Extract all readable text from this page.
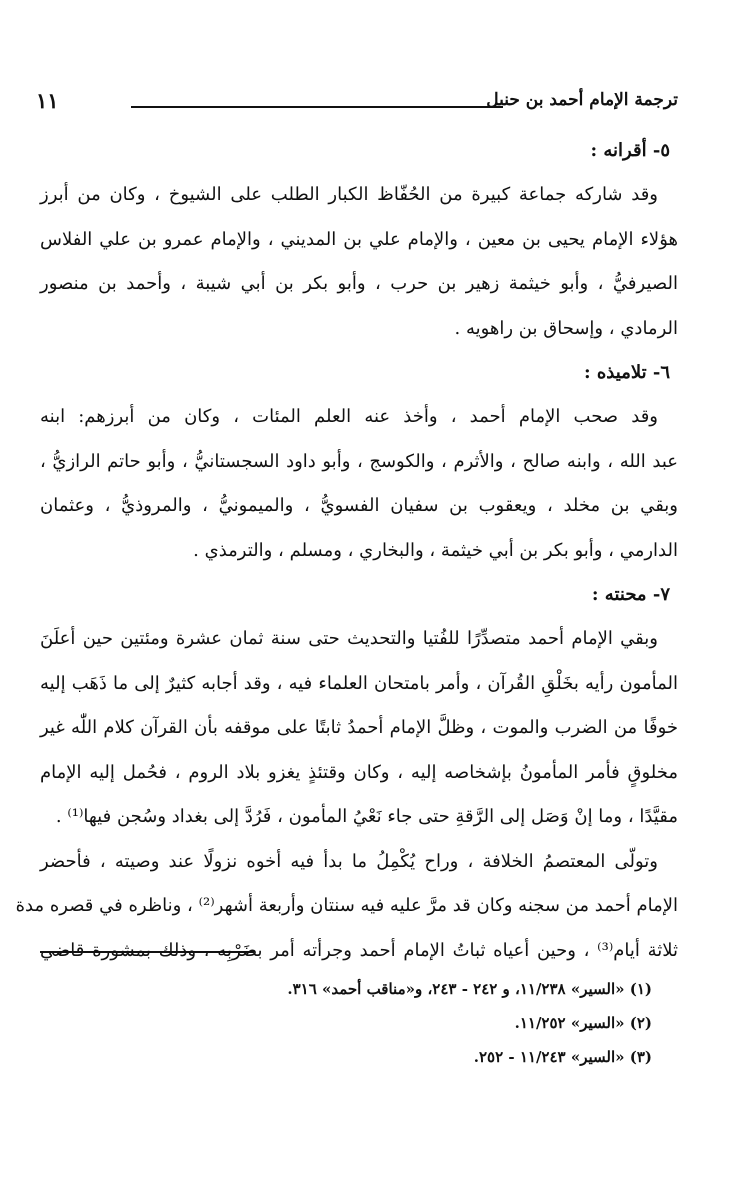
١١	ترجمة الإمام أحمد بن حنبل
٥- أقرانه :
وقد شاركه جماعة كبيرة من الحُفّاظ الكبار الطلب على الشيوخ ، وكان من أبرز
هؤلاء الإمام يحيى بن معين ، والإمام علي بن المديني ، والإمام عمرو بن علي الفلاس
الصيرفيُّ ، وأبو خيثمة زهير بن حرب ، وأبو بكر بن أبي شيبة ، وأحمد بن منصور
الرمادي ، وإسحاق بن راهويه .
٦- تلاميذه :
وقد صحب الإمام أحمد ، وأخذ عنه العلم المئات ، وكان من أبرزهم: ابنه
عبد الله ، وابنه صالح ، والأثرم ، والكوسج ، وأبو داود السجستانيُّ ، وأبو حاتم الرازيُّ ،
وبقي بن مخلد ، ويعقوب بن سفيان الفسويُّ ، والميمونيُّ ، والمروذيُّ ، وعثمان
الدارمي ، وأبو بكر بن أبي خيثمة ، والبخاري ، ومسلم ، والترمذي .
٧- محنته :
وبقي الإمام أحمد متصدِّرًا للفُتيا والتحديث حتى سنة ثمان عشرة ومئتين حين أعلَنَ
المأمون رأيه بخَلْقِ القُرآن ، وأمر بامتحان العلماء فيه ، وقد أجابه كثيرٌ إلى ما ذَهَب إليه
خوفًا من الضرب والموت ، وظلَّ الإمام أحمدُ ثابتًا على موقفه بأن القرآن كلام اللّٰه غير
مخلوقٍ فأمر المأمونُ بإشخاصه إليه ، وكان وقتئذٍ يغزو بلاد الروم ، فحُمل إليه الإمام
مقيَّدًا ، وما إنْ وَصَل إلى الرَّقةِ حتى جاء نَعْيُ المأمون ، فَرُدَّ إلى بغداد وسُجن فيها⁽¹⁾ .
وتولّى المعتصمُ الخلافة ، وراح يُكْمِلُ ما بدأ فيه أخوه نزولًا عند وصيته ، فأحضر
الإمام أحمد من سجنه وكان قد مرَّ عليه فيه سنتان وأربعة أشهر⁽²⁾ ، وناظره في قصره مدة
ثلاثة أيام⁽³⁾ ، وحين أعياه ثباتُ الإمام أحمد وجرأته أمر بضَرْبِه ، وذلك بمشورة قاضي
(١) «السير» ١١/٢٣٨، و ٢٤٢ - ٢٤٣، و«مناقب أحمد» ٣١٦.
(٢) «السير» ١١/٢٥٢.
(٣) «السير» ١١/٢٤٣ - ٢٥٢.
